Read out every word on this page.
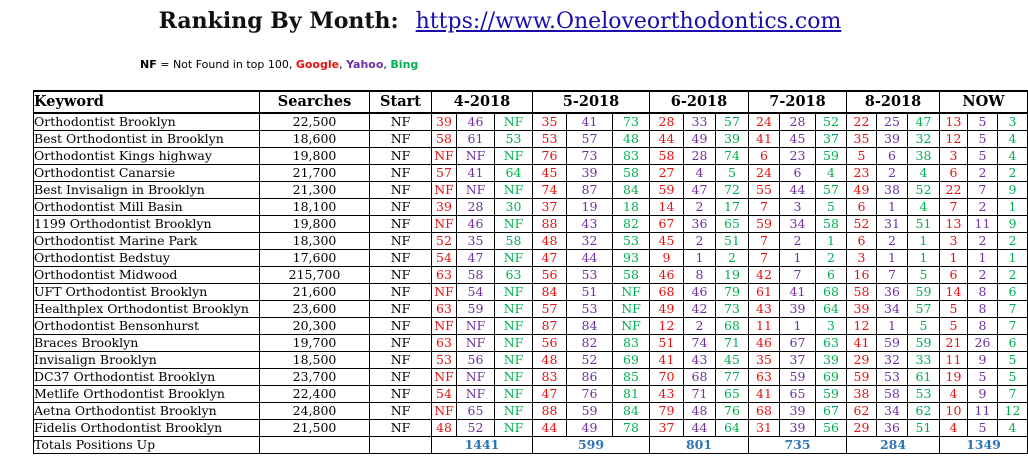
Ranking By Month: https://www.Oneloveorthodontics.com
NF = Not Found in top 100, Google, Yahoo, Bing
Keyword	Searches	Start	4-2018			5-2018			6-2018			7-2018			8-2018			NOW		
Orthodontist Brooklyn	22,500	NF	39	46	NF	35	41	73	28	33	57	24	28	52	22	25	47	13	5	3
Best Orthodontist in Brooklyn	18,600	NF	58	61	53	53	57	48	44	49	39	41	45	37	35	39	32	12	5	4
Orthodontist Kings highway	19,800	NF	NF	NF	NF	76	73	83	58	28	74	6	23	59	5	6	38	3	5	4
Orthodontist Canarsie	21,700	NF	57	41	64	45	39	58	27	4	5	24	6	4	23	2	4	6	2	2
Best Invisalign in Brooklyn	21,300	NF	NF	NF	NF	74	87	84	59	47	72	55	44	57	49	38	52	22	7	9
Orthodontist Mill Basin	18,100	NF	39	28	30	37	19	18	14	2	17	7	3	5	6	1	4	7	2	1
1199 Orthodontist Brooklyn	19,800	NF	NF	46	NF	88	43	82	67	36	65	59	34	58	52	31	51	13	11	9
Orthodontist Marine Park	18,300	NF	52	35	58	48	32	53	45	2	51	7	2	1	6	2	1	3	2	2
Orthodontist Bedstuy	17,600	NF	54	47	NF	47	44	93	9	1	2	7	1	2	3	1	1	1	1	1
Orthodontist Midwood	215,700	NF	63	58	63	56	53	58	46	8	19	42	7	6	16	7	5	6	2	2
UFT Orthodontist Brooklyn	21,600	NF	NF	54	NF	84	51	NF	68	46	79	61	41	68	58	36	59	14	8	6
Healthplex Orthodontist Brooklyn	23,600	NF	63	59	NF	57	53	NF	49	42	73	43	39	64	39	34	57	5	8	7
Orthodontist Bensonhurst	20,300	NF	NF	NF	NF	87	84	NF	12	2	68	11	1	3	12	1	5	5	8	7
Braces Brooklyn	19,700	NF	63	NF	NF	56	82	83	51	74	71	46	67	63	41	59	59	21	26	6
Invisalign Brooklyn	18,500	NF	53	56	NF	48	52	69	41	43	45	35	37	39	29	32	33	11	9	5
DC37 Orthodontist Brooklyn	23,700	NF	NF	NF	NF	83	86	85	70	68	77	63	59	69	59	53	61	19	5	5
Metlife Orthodontist Brooklyn	22,400	NF	54	NF	NF	47	76	81	43	71	65	41	65	59	38	58	53	4	9	7
Aetna Orthodontist Brooklyn	24,800	NF	NF	65	NF	88	59	84	79	48	76	68	39	67	62	34	62	10	11	12
Fidelis Orthodontist Brooklyn	21,500	NF	48	52	NF	44	49	78	37	44	64	31	39	56	29	36	51	4	5	4
Totals Positions Up			1441			599			801			735			284			1349		
